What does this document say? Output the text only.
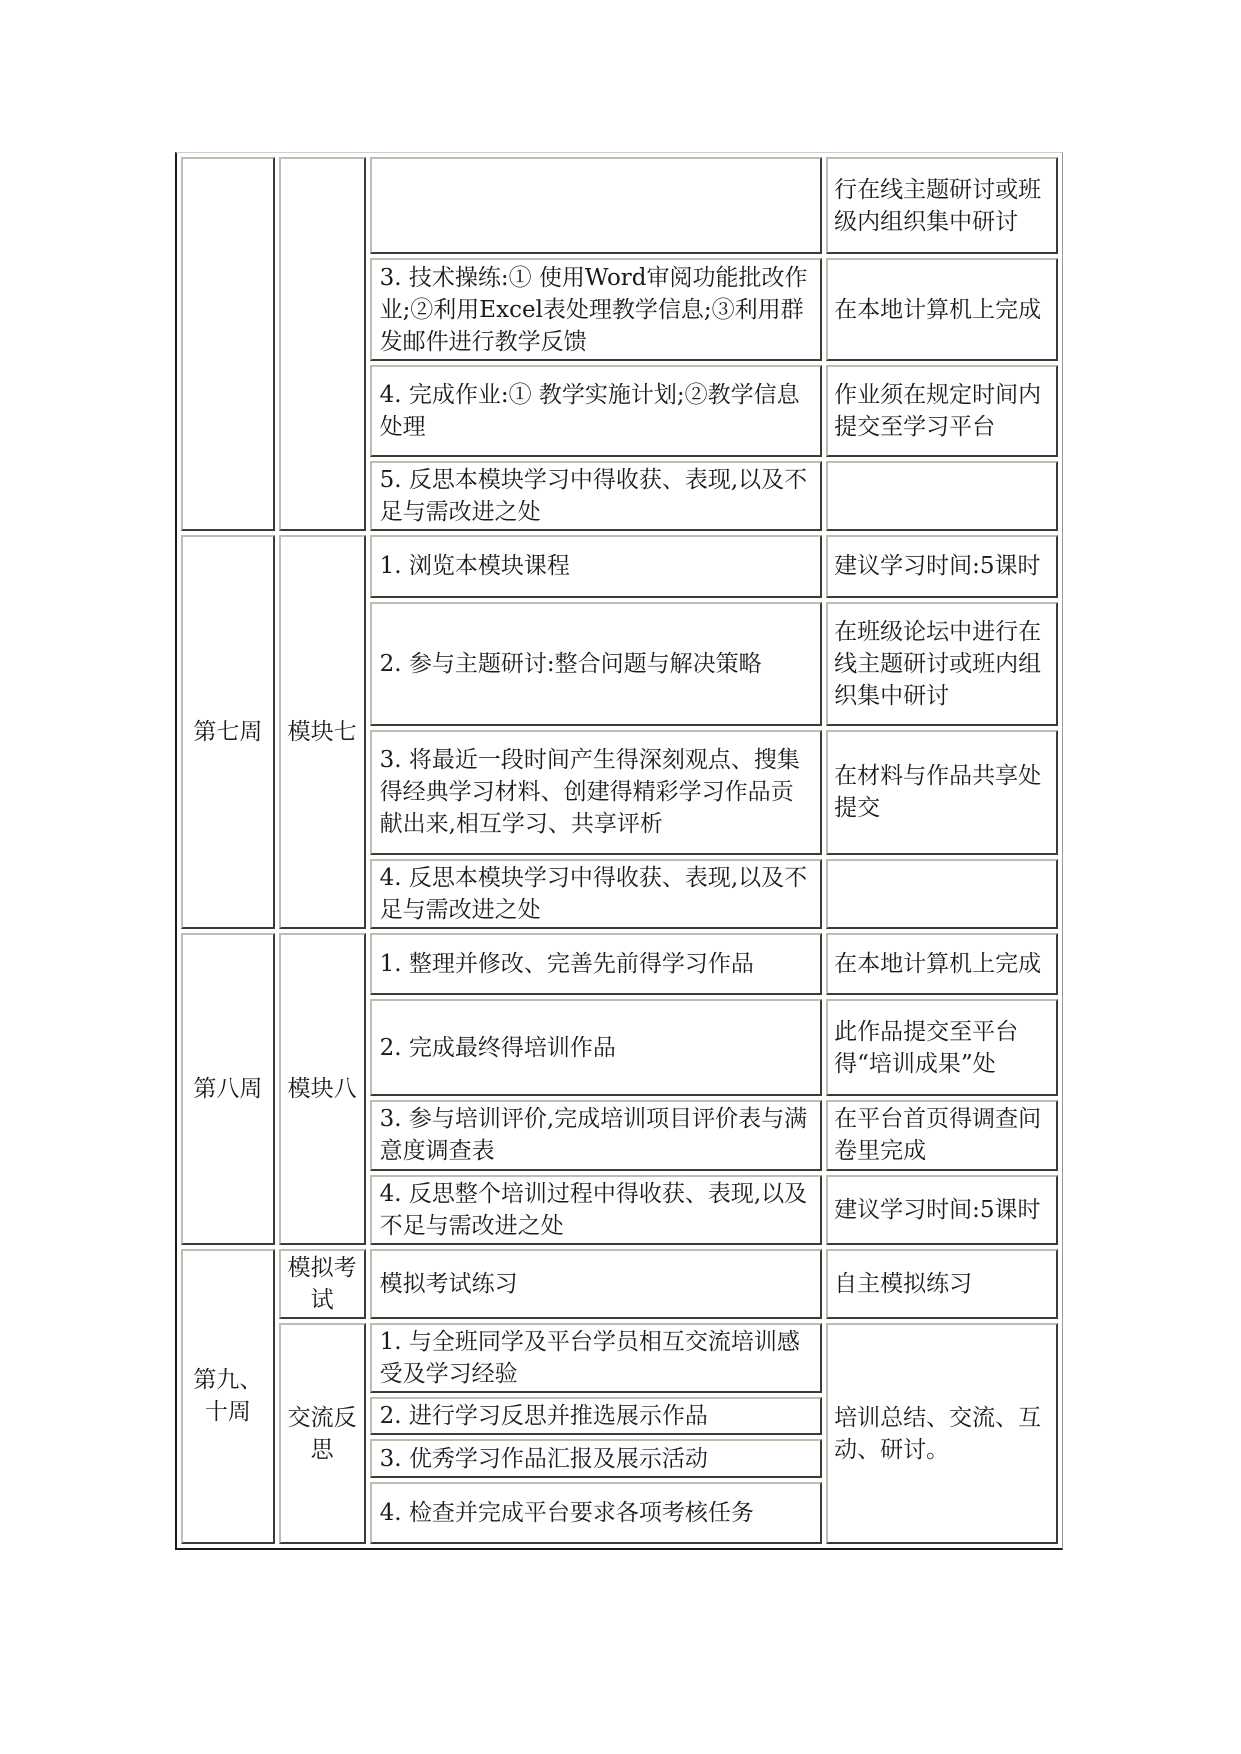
			行在线主题研讨或班级内组织集中研讨
		3. 技术操练:① 使用Word审阅功能批改作业;②利用Excel表处理教学信息;③利用群发邮件进行教学反馈	在本地计算机上完成
		4. 完成作业:① 教学实施计划;②教学信息处理	作业须在规定时间内提交至学习平台
		5. 反思本模块学习中得收获、表现,以及不足与需改进之处	
第七周	模块七	1. 浏览本模块课程	建议学习时间:5课时
		2. 参与主题研讨:整合问题与解决策略	在班级论坛中进行在线主题研讨或班内组织集中研讨
		3. 将最近一段时间产生得深刻观点、搜集得经典学习材料、创建得精彩学习作品贡献出来,相互学习、共享评析	在材料与作品共享处提交
		4. 反思本模块学习中得收获、表现,以及不足与需改进之处	
第八周	模块八	1. 整理并修改、完善先前得学习作品	在本地计算机上完成
		2. 完成最终得培训作品	此作品提交至平台得“培训成果”处
		3. 参与培训评价,完成培训项目评价表与满意度调查表	在平台首页得调查问卷里完成
		4. 反思整个培训过程中得收获、表现,以及不足与需改进之处	建议学习时间:5课时
第九、十周	模拟考试	模拟考试练习	自主模拟练习
	交流反思	1. 与全班同学及平台学员相互交流培训感受及学习经验	培训总结、交流、互动、研讨。
		2. 进行学习反思并推选展示作品	
		3. 优秀学习作品汇报及展示活动	
		4. 检查并完成平台要求各项考核任务	
